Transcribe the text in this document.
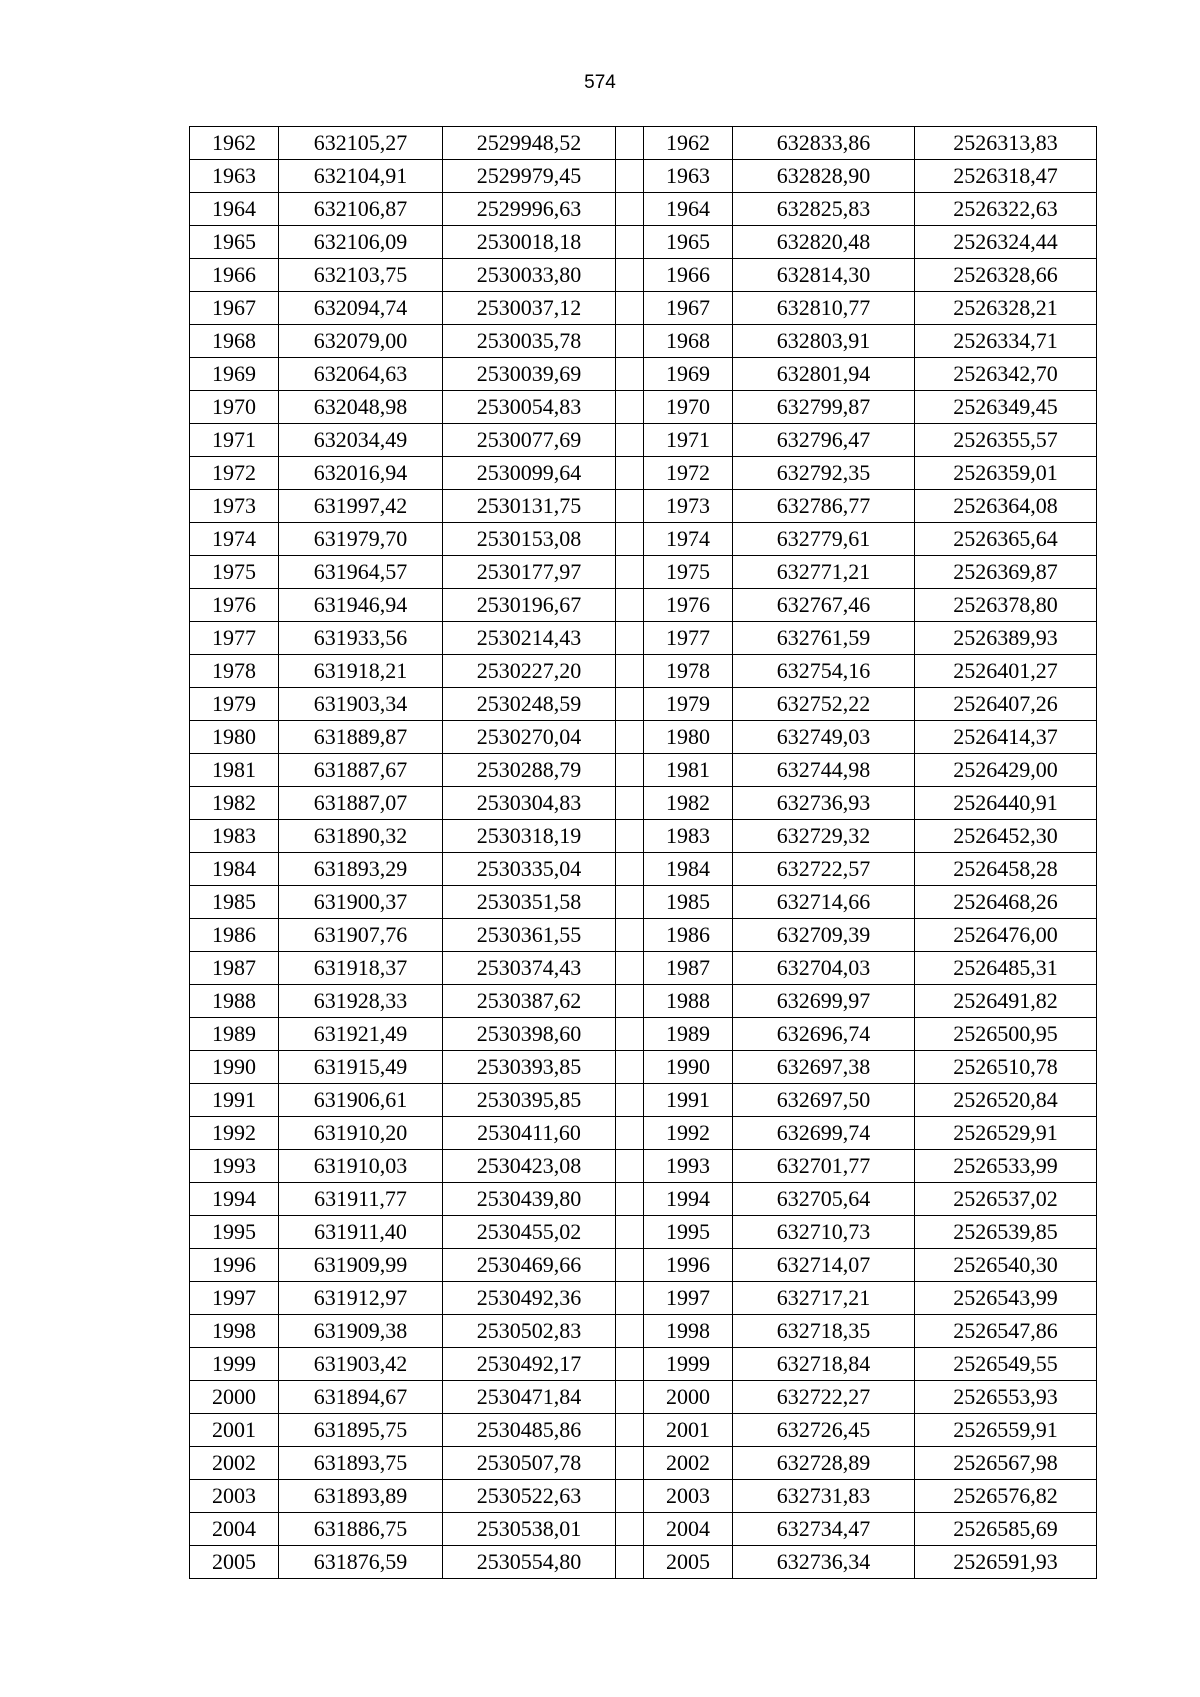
574
1962	632105,27	2529948,52		1962	632833,86	2526313,83
1963	632104,91	2529979,45		1963	632828,90	2526318,47
1964	632106,87	2529996,63		1964	632825,83	2526322,63
1965	632106,09	2530018,18		1965	632820,48	2526324,44
1966	632103,75	2530033,80		1966	632814,30	2526328,66
1967	632094,74	2530037,12		1967	632810,77	2526328,21
1968	632079,00	2530035,78		1968	632803,91	2526334,71
1969	632064,63	2530039,69		1969	632801,94	2526342,70
1970	632048,98	2530054,83		1970	632799,87	2526349,45
1971	632034,49	2530077,69		1971	632796,47	2526355,57
1972	632016,94	2530099,64		1972	632792,35	2526359,01
1973	631997,42	2530131,75		1973	632786,77	2526364,08
1974	631979,70	2530153,08		1974	632779,61	2526365,64
1975	631964,57	2530177,97		1975	632771,21	2526369,87
1976	631946,94	2530196,67		1976	632767,46	2526378,80
1977	631933,56	2530214,43		1977	632761,59	2526389,93
1978	631918,21	2530227,20		1978	632754,16	2526401,27
1979	631903,34	2530248,59		1979	632752,22	2526407,26
1980	631889,87	2530270,04		1980	632749,03	2526414,37
1981	631887,67	2530288,79		1981	632744,98	2526429,00
1982	631887,07	2530304,83		1982	632736,93	2526440,91
1983	631890,32	2530318,19		1983	632729,32	2526452,30
1984	631893,29	2530335,04		1984	632722,57	2526458,28
1985	631900,37	2530351,58		1985	632714,66	2526468,26
1986	631907,76	2530361,55		1986	632709,39	2526476,00
1987	631918,37	2530374,43		1987	632704,03	2526485,31
1988	631928,33	2530387,62		1988	632699,97	2526491,82
1989	631921,49	2530398,60		1989	632696,74	2526500,95
1990	631915,49	2530393,85		1990	632697,38	2526510,78
1991	631906,61	2530395,85		1991	632697,50	2526520,84
1992	631910,20	2530411,60		1992	632699,74	2526529,91
1993	631910,03	2530423,08		1993	632701,77	2526533,99
1994	631911,77	2530439,80		1994	632705,64	2526537,02
1995	631911,40	2530455,02		1995	632710,73	2526539,85
1996	631909,99	2530469,66		1996	632714,07	2526540,30
1997	631912,97	2530492,36		1997	632717,21	2526543,99
1998	631909,38	2530502,83		1998	632718,35	2526547,86
1999	631903,42	2530492,17		1999	632718,84	2526549,55
2000	631894,67	2530471,84		2000	632722,27	2526553,93
2001	631895,75	2530485,86		2001	632726,45	2526559,91
2002	631893,75	2530507,78		2002	632728,89	2526567,98
2003	631893,89	2530522,63		2003	632731,83	2526576,82
2004	631886,75	2530538,01		2004	632734,47	2526585,69
2005	631876,59	2530554,80		2005	632736,34	2526591,93
